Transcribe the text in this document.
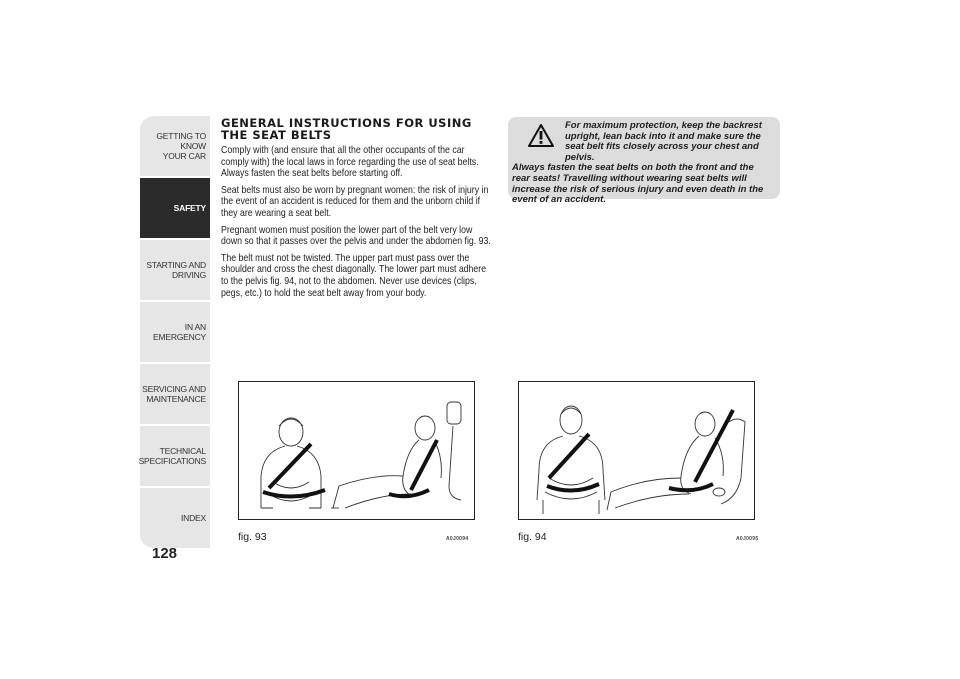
GETTING TO KNOW
YOUR CAR
SAFETY
STARTING AND
DRIVING
IN AN EMERGENCY
SERVICING AND
MAINTENANCE
TECHNICAL
SPECIFICATIONS
INDEX
128
GENERAL INSTRUCTIONS FOR USING THE SEAT BELTS

Comply with (and ensure that all the other occupants of the car comply with) the local laws in force regarding the use of seat belts. Always fasten the seat belts before starting off.

Seat belts must also be worn by pregnant women: the risk of injury in the event of an accident is reduced for them and the unborn child if they are wearing a seat belt.

Pregnant women must position the lower part of the belt very low down so that it passes over the pelvis and under the abdomen fig. 93.

The belt must not be twisted. The upper part must pass over the shoulder and cross the chest diagonally. The lower part must adhere to the pelvis fig. 94, not to the abdomen. Never use devices (clips, pegs, etc.) to hold the seat belt away from your body.

For maximum protection, keep the backrest upright, lean back into it and make sure the seat belt fits closely across your chest and pelvis.
Always fasten the seat belts on both the front and the rear seats! Travelling without wearing seat belts will increase the risk of serious injury and even death in the event of an accident.
fig. 93	A0J0094	fig. 94	A0J0095
